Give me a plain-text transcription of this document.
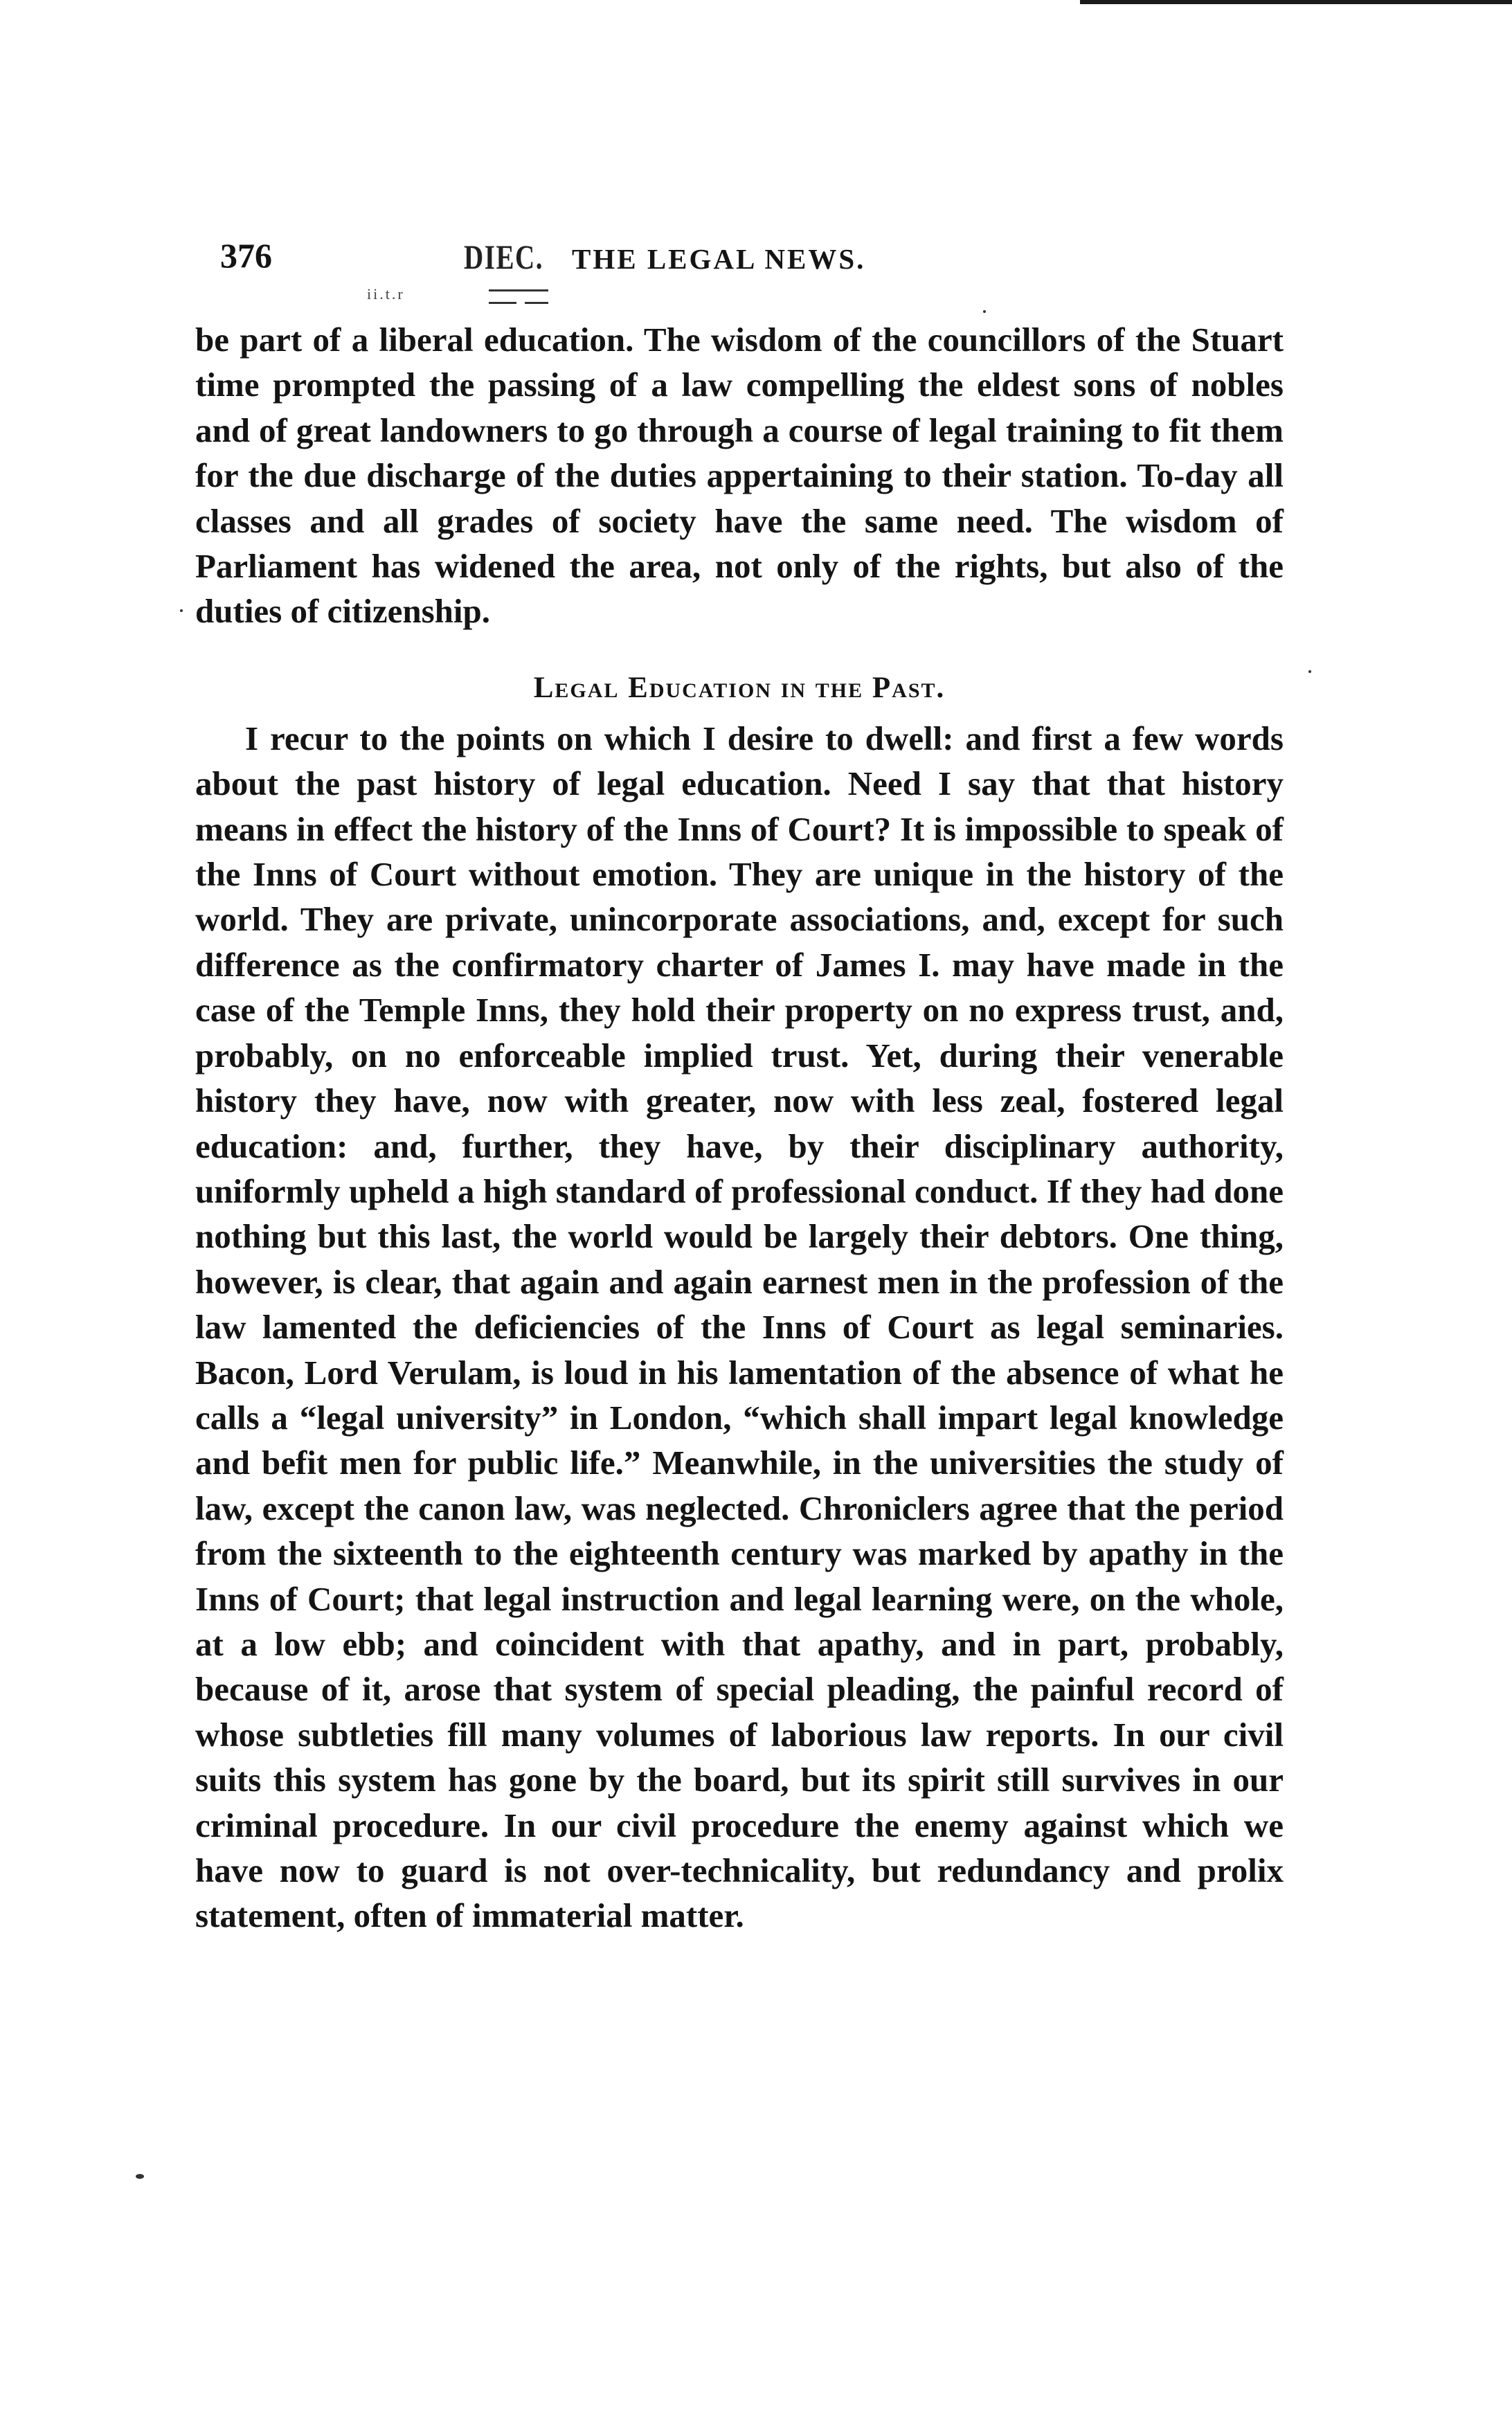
376	DIEC.
ii.t.r
THE LEGAL NEWS.

be part of a liberal education. The wisdom of the councillors of the Stuart time prompted the passing of a law compelling the eldest sons of nobles and of great landowners to go through a course of legal training to fit them for the due discharge of the duties appertaining to their station. To-day all classes and all grades of society have the same need. The wisdom of Parliament has widened the area, not only of the rights, but also of the duties of citizenship.

Legal Education in the Past.

I recur to the points on which I desire to dwell: and first a few words about the past history of legal education. Need I say that that history means in effect the history of the Inns of Court? It is impossible to speak of the Inns of Court without emotion. They are unique in the history of the world. They are private, unincorporate associations, and, except for such difference as the confirmatory charter of James I. may have made in the case of the Temple Inns, they hold their property on no express trust, and, probably, on no enforceable implied trust. Yet, during their venerable history they have, now with greater, now with less zeal, fostered legal education: and, further, they have, by their disciplinary authority, uniformly upheld a high standard of professional conduct. If they had done nothing but this last, the world would be largely their debtors. One thing, however, is clear, that again and again earnest men in the profession of the law lamented the deficiencies of the Inns of Court as legal seminaries. Bacon, Lord Verulam, is loud in his lamentation of the absence of what he calls a “legal university” in London, “which shall impart legal knowledge and befit men for public life.” Meanwhile, in the universities the study of law, except the canon law, was neglected. Chroniclers agree that the period from the sixteenth to the eighteenth century was marked by apathy in the Inns of Court; that legal instruction and legal learning were, on the whole, at a low ebb; and coincident with that apathy, and in part, probably, because of it, arose that system of special pleading, the painful record of whose subtleties fill many volumes of laborious law reports. In our civil suits this system has gone by the board, but its spirit still survives in our criminal procedure. In our civil procedure the enemy against which we have now to guard is not over-technicality, but redundancy and prolix statement, often of immaterial matter.
